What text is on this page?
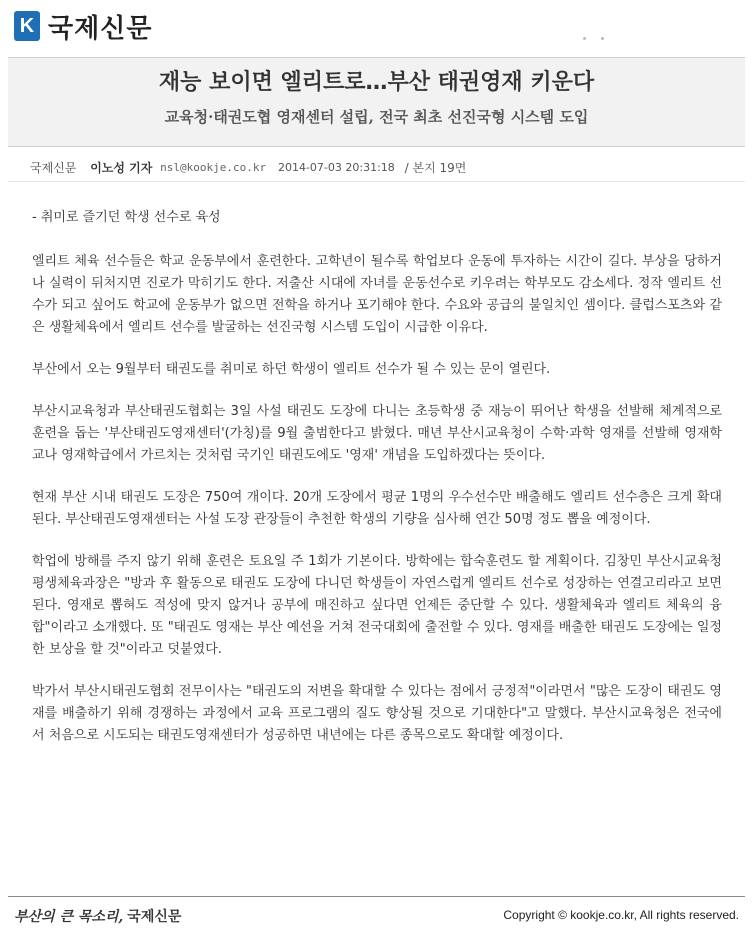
K 국제신문
재능 보이면 엘리트로…부산 태권영재 키운다
교육청·태권도협 영재센터 설립, 전국 최초 선진국형 시스템 도입
국제신문 이노성 기자 nsl@kookje.co.kr 2014-07-03 20:31:18 / 본지 19면

- 취미로 즐기던 학생 선수로 육성

엘리트 체육 선수들은 학교 운동부에서 훈련한다. 고학년이 될수록 학업보다 운동에 투자하는 시간이 길다. 부상을 당하거나 실력이 뒤처지면 진로가 막히기도 한다. 저출산 시대에 자녀를 운동선수로 키우려는 학부모도 감소세다. 정작 엘리트 선수가 되고 싶어도 학교에 운동부가 없으면 전학을 하거나 포기해야 한다. 수요와 공급의 불일치인 셈이다. 클럽스포츠와 같은 생활체육에서 엘리트 선수를 발굴하는 선진국형 시스템 도입이 시급한 이유다.

부산에서 오는 9월부터 태권도를 취미로 하던 학생이 엘리트 선수가 될 수 있는 문이 열린다.

부산시교육청과 부산태권도협회는 3일 사설 태권도 도장에 다니는 초등학생 중 재능이 뛰어난 학생을 선발해 체계적으로 훈련을 돕는 '부산태권도영재센터'(가칭)를 9월 출범한다고 밝혔다. 매년 부산시교육청이 수학·과학 영재를 선발해 영재학교나 영재학급에서 가르치는 것처럼 국기인 태권도에도 '영재' 개념을 도입하겠다는 뜻이다.

현재 부산 시내 태권도 도장은 750여 개이다. 20개 도장에서 평균 1명의 우수선수만 배출해도 엘리트 선수층은 크게 확대된다. 부산태권도영재센터는 사설 도장 관장들이 추천한 학생의 기량을 심사해 연간 50명 정도 뽑을 예정이다.

학업에 방해를 주지 않기 위해 훈련은 토요일 주 1회가 기본이다. 방학에는 합숙훈련도 할 계획이다. 김창민 부산시교육청 평생체육과장은 "방과 후 활동으로 태권도 도장에 다니던 학생들이 자연스럽게 엘리트 선수로 성장하는 연결고리라고 보면 된다. 영재로 뽑혀도 적성에 맞지 않거나 공부에 매진하고 싶다면 언제든 중단할 수 있다. 생활체육과 엘리트 체육의 융합"이라고 소개했다. 또 "태권도 영재는 부산 예선을 거쳐 전국대회에 출전할 수 있다. 영재를 배출한 태권도 도장에는 일정한 보상을 할 것"이라고 덧붙였다.

박가서 부산시태권도협회 전무이사는 "태권도의 저변을 확대할 수 있다는 점에서 긍정적"이라면서 "많은 도장이 태권도 영재를 배출하기 위해 경쟁하는 과정에서 교육 프로그램의 질도 향상될 것으로 기대한다"고 말했다. 부산시교육청은 전국에서 처음으로 시도되는 태권도영재센터가 성공하면 내년에는 다른 종목으로도 확대할 예정이다.

부산의 큰 목소리, 국제신문	Copyright © kookje.co.kr, All rights reserved.
